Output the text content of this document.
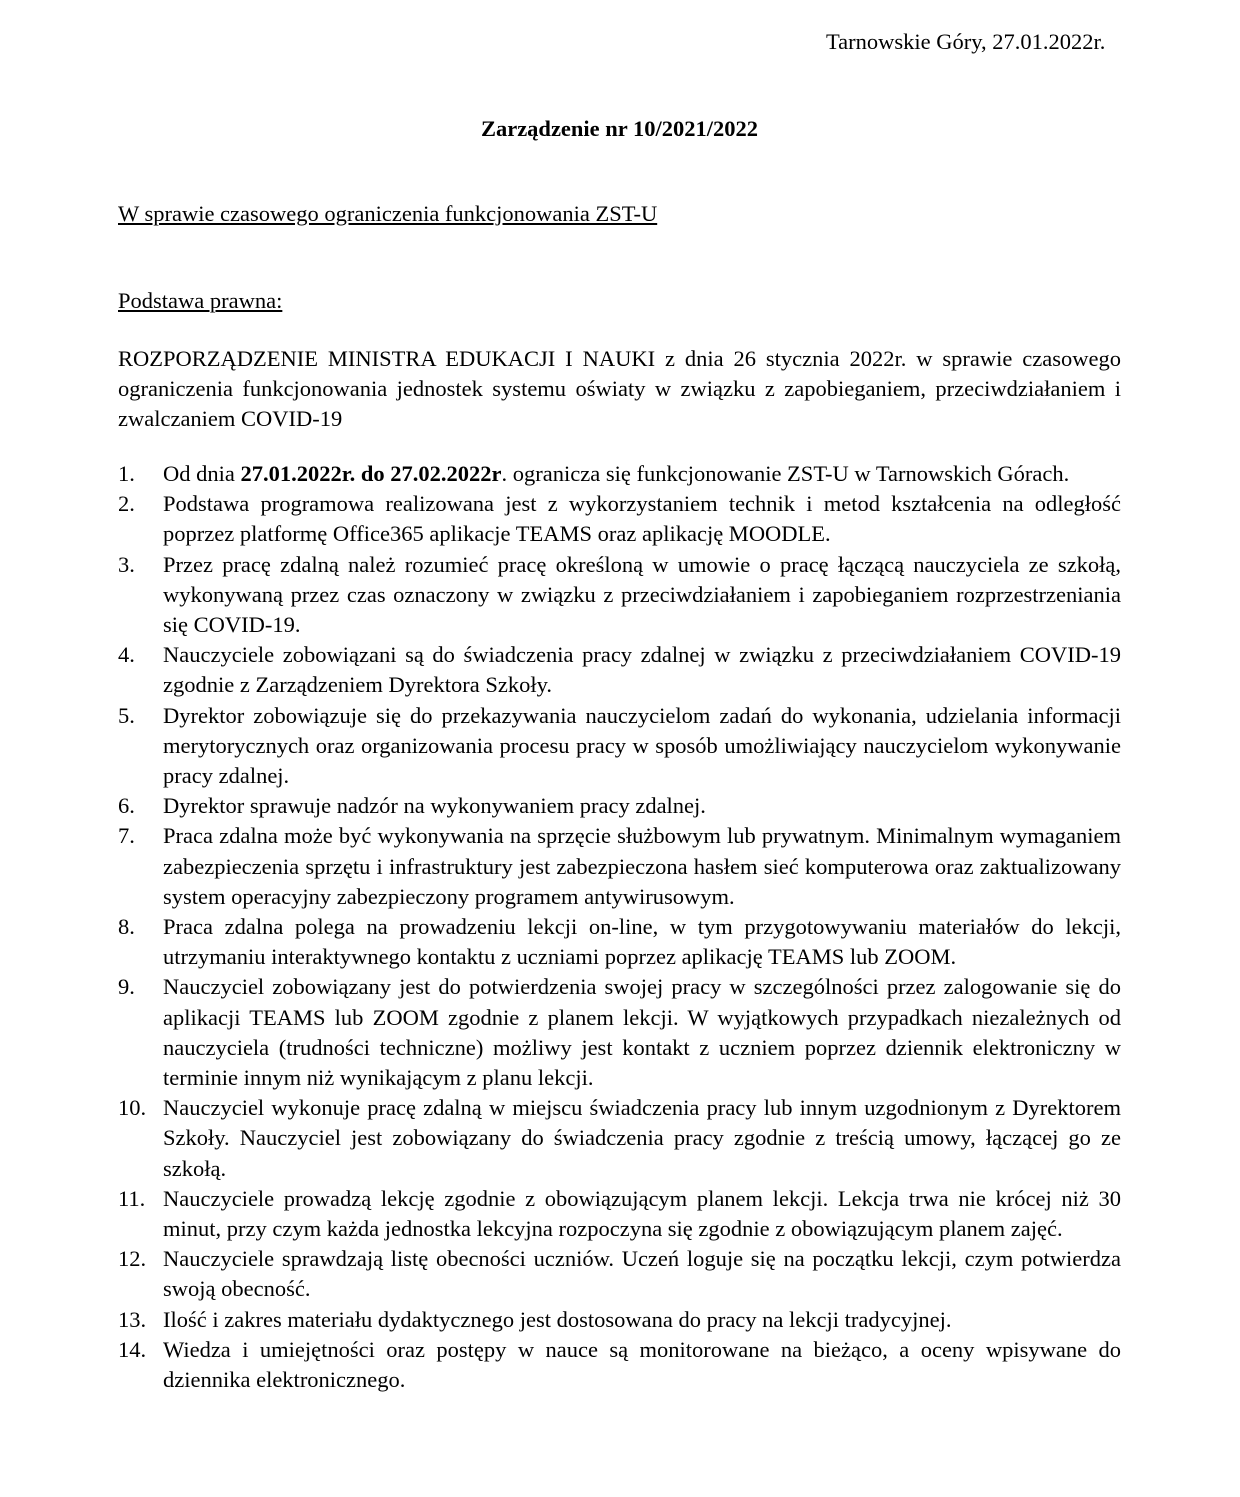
Tarnowskie Góry, 27.01.2022r.
Zarządzenie nr 10/2021/2022
W sprawie czasowego ograniczenia funkcjonowania ZST-U
Podstawa prawna:
ROZPORZĄDZENIE MINISTRA EDUKACJI I NAUKI z dnia 26 stycznia 2022r. w sprawie czasowego ograniczenia funkcjonowania jednostek systemu oświaty w związku z zapobieganiem, przeciwdziałaniem i zwalczaniem COVID-19
1. Od dnia 27.01.2022r. do 27.02.2022r. ogranicza się funkcjonowanie ZST-U w Tarnowskich Górach.
2. Podstawa programowa realizowana jest z wykorzystaniem technik i metod kształcenia na odległość poprzez platformę Office365 aplikacje TEAMS oraz aplikację MOODLE.
3. Przez pracę zdalną należ rozumieć pracę określoną w umowie o pracę łączącą nauczyciela ze szkołą, wykonywaną przez czas oznaczony w związku z przeciwdziałaniem i zapobieganiem rozprzestrzeniania się COVID-19.
4. Nauczyciele zobowiązani są do świadczenia pracy zdalnej w związku z przeciwdziałaniem COVID-19 zgodnie z Zarządzeniem Dyrektora Szkoły.
5. Dyrektor zobowiązuje się do przekazywania nauczycielom zadań do wykonania, udzielania informacji merytorycznych oraz organizowania procesu pracy w sposób umożliwiający nauczycielom wykonywanie pracy zdalnej.
6. Dyrektor sprawuje nadzór na wykonywaniem pracy zdalnej.
7. Praca zdalna może być wykonywania na sprzęcie służbowym lub prywatnym. Minimalnym wymaganiem zabezpieczenia sprzętu i infrastruktury jest zabezpieczona hasłem sieć komputerowa oraz zaktualizowany system operacyjny zabezpieczony programem antywirusowym.
8. Praca zdalna polega na prowadzeniu lekcji on-line, w tym przygotowywaniu materiałów do lekcji, utrzymaniu interaktywnego kontaktu z uczniami poprzez aplikację TEAMS lub ZOOM.
9. Nauczyciel zobowiązany jest do potwierdzenia swojej pracy w szczególności przez zalogowanie się do aplikacji TEAMS lub ZOOM zgodnie z planem lekcji. W wyjątkowych przypadkach niezależnych od nauczyciela (trudności techniczne) możliwy jest kontakt z uczniem poprzez dziennik elektroniczny w terminie innym niż wynikającym z planu lekcji.
10. Nauczyciel wykonuje pracę zdalną w miejscu świadczenia pracy lub innym uzgodnionym z Dyrektorem Szkoły. Nauczyciel jest zobowiązany do świadczenia pracy zgodnie z treścią umowy, łączącej go ze szkołą.
11. Nauczyciele prowadzą lekcję zgodnie z obowiązującym planem lekcji. Lekcja trwa nie krócej niż 30 minut, przy czym każda jednostka lekcyjna rozpoczyna się zgodnie z obowiązującym planem zajęć.
12. Nauczyciele sprawdzają listę obecności uczniów. Uczeń loguje się na początku lekcji, czym potwierdza swoją obecność.
13. Ilość i zakres materiału dydaktycznego jest dostosowana do pracy na lekcji tradycyjnej.
14. Wiedza i umiejętności oraz postępy w nauce są monitorowane na bieżąco, a oceny wpisywane do dziennika elektronicznego.
